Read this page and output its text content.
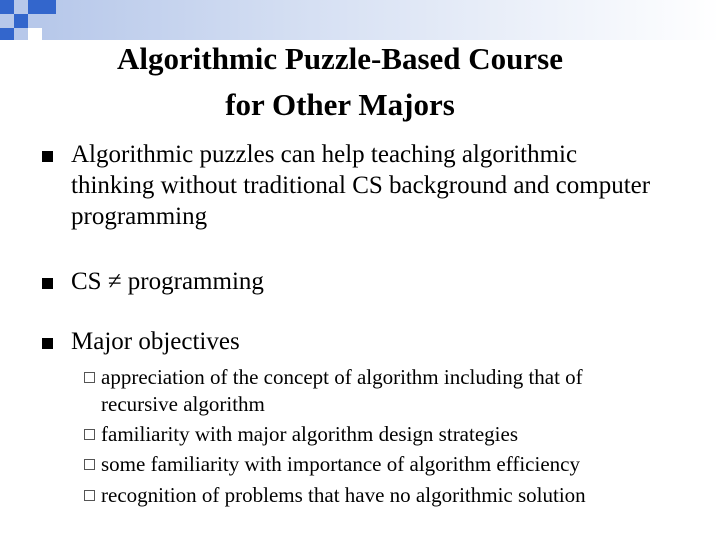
Algorithmic Puzzle-Based Course
for Other Majors
Algorithmic puzzles can help teaching algorithmic thinking without traditional CS background and computer programming
CS ≠ programming
Major objectives
appreciation of the concept of algorithm including that of recursive algorithm
familiarity with major algorithm design strategies
some familiarity with importance of algorithm efficiency
recognition of problems that have no algorithmic solution
